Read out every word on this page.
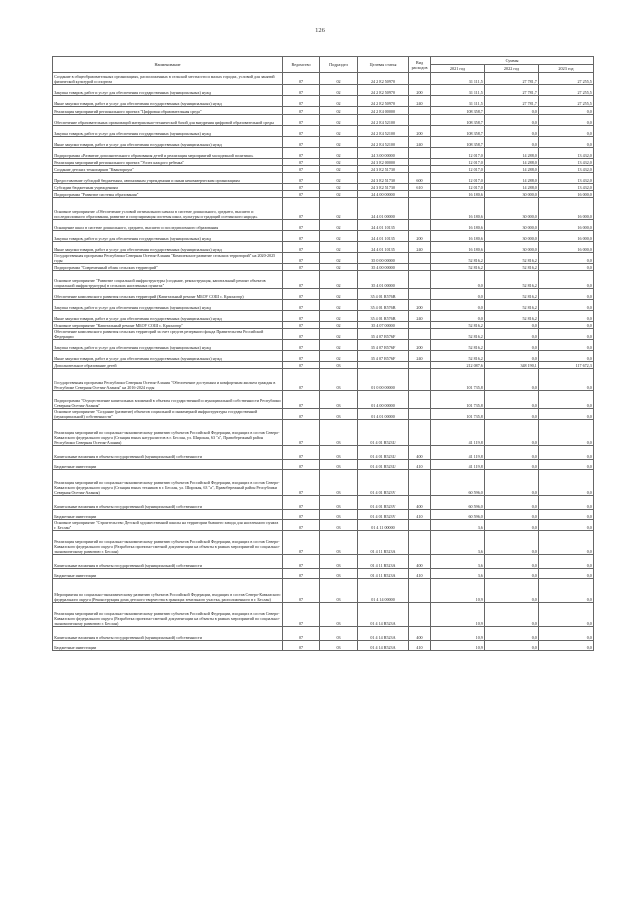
126
Наименование	Ведомство	Подраздел	Целевая статья	Вид расходов	Суммы		
					2021 год	2022 год	2023 год
Создание в общеобразовательных организациях, расположенных в сельской местности и малых городах, условий для занятий физической культурой и спортом	07	02	24 2 E2 50970		31 111,5	27 781,7	27 255,5
Закупка товаров, работ и услуг для обеспечения государственных (муниципальных) нужд	07	02	24 2 E2 50970	200	31 111,5	27 781,7	27 255,5
Иные закупки товаров, работ и услуг для обеспечения государственных (муниципальных) нужд	07	02	24 2 E2 50970	240	31 111,5	27 781,7	27 255,5
Реализация мероприятий регионального проекта "Цифровая образовательная среда"	07	02	24 2 E4 00000		108 358,7	0,0	0,0
Обеспечение образовательных организаций материально-технической базой для внедрения цифровой образовательной среды	07	02	24 2 E4 52100		108 358,7	0,0	0,0
Закупка товаров, работ и услуг для обеспечения государственных (муниципальных) нужд	07	02	24 2 E4 52100	200	108 358,7	0,0	0,0
Иные закупки товаров, работ и услуг для обеспечения государственных (муниципальных) нужд	07	02	24 2 E4 52100	240	108 358,7	0,0	0,0
Подпрограмма «Развитие дополнительного образования детей и реализация мероприятий молодежной политики»	07	02	24 3 00 00000		12 017,0	14 288,0	13 432,0
Реализация мероприятий регионального проекта "Успех каждого ребенка"	07	02	24 3 E2 00000		12 017,0	14 288,0	13 432,0
Создание детских технопарков "Кванториум"	07	02	24 3 E2 51730		12 017,0	14 288,0	13 432,0
Предоставление субсидий бюджетным, автономным учреждениям и иным некоммерческим организациям	07	02	24 3 E2 51730	600	12 017,0	14 288,0	13 432,0
Субсидии бюджетным учреждениям	07	02	24 3 E2 51730	610	12 017,0	14 288,0	13 432,0
Подпрограмма "Развитие системы образования"	07	02	24 4 00 00000		16 180,6	30 000,0	16 000,0
Основное мероприятие «Обеспечение условий оптимального начала в системе дошкольного, среднего, высшего и последипломного образования, развитие и популяризация системы школ, культуры и традиций осетинского народа»	07	02	24 4 01 00000		16 180,6	30 000,0	16 000,0
Оснащение школ в системе дошкольного, среднего, высшего и последипломного образования	07	02	24 4 01 10135		16 180,6	30 000,0	16 000,0
Закупка товаров, работ и услуг для обеспечения государственных (муниципальных) нужд	07	02	24 4 01 10135	200	16 180,6	30 000,0	16 000,0
Иные закупки товаров, работ и услуг для обеспечения государственных (муниципальных) нужд	07	02	24 4 01 10135	240	16 180,6	30 000,0	16 000,0
Государственная программа Республики Северная Осетия-Алания "Комплексное развитие сельских территорий" на 2020-2025 годы	07	02	35 0 00 00000		52 816,2	52 816,2	0,0
Подпрограмма "Современный облик сельских территорий"	07	02	35 4 00 00000		52 816,2	52 816,2	0,0
Основное мероприятие "Развитие социальной инфраструктуры (создание, реконструкция, капитальный ремонт объектов социальной инфраструктуры) в сельских населенных пунктах"	07	02	35 4 01 00000		0,0	52 816,2	0,0
Обеспечение комплексного развития сельских территорий (Капитальный ремонт МБОУ СОШ с. Красногор)	07	02	35 4 01 R576B		0,0	52 816,2	0,0
Закупка товаров, работ и услуг для обеспечения государственных (муниципальных) нужд	07	02	35 4 01 R576B	200	0,0	52 816,2	0,0
Иные закупки товаров, работ и услуг для обеспечения государственных (муниципальных) нужд	07	02	35 4 01 R576B	240	0,0	52 816,2	0,0
Основное мероприятие "Капитальный ремонт МБОУ СОШ с. Красногор"	07	02	35 4 07 00000		52 816,2	0,0	0,0
Обеспечение комплексного развития сельских территорий за счет средств резервного фонда Правительства Российской Федерации	07	02	35 4 07 R576F		52 816,2	0,0	0,0
Закупка товаров, работ и услуг для обеспечения государственных (муниципальных) нужд	07	02	35 4 07 R576F	200	52 816,2	0,0	0,0
Иные закупки товаров, работ и услуг для обеспечения государственных (муниципальных) нужд	07	02	35 4 07 R576F	240	52 816,2	0,0	0,0
Дополнительное образование детей	07	03			212 087,6	348 190,1	117 672,3
Государственная программа Республики Северная Осетия-Алания "Обеспечение доступным и комфортным жильем граждан в Республике Северная Осетия-Алания" на 2016-2024 годы	07	03	01 0 00 00000		101 735,8	0,0	0,0
Подпрограмма "Осуществление капитальных вложений в объекты государственной и муниципальной собственности Республики Северная Осетия-Алания"	07	03	01 4 00 00000		101 735,8	0,0	0,0
Основное мероприятие "Создание (развитие) объектов социальной и инженерной инфраструктуры государственной (муниципальной) собственности"	07	03	01 4 01 00000		101 735,8	0,0	0,0
Реализация мероприятий по социально-экономическому развитию субъектов Российской Федерации, входящих в состав Северо-Кавказского федерального округа (Станция юных натуралистов в г. Беслан, ул. Широкая, 63 "а", Правобережный район Республики Северная Осетия-Алания)	07	03	01 4 01 R523U		41 119,8	0,0	0,0
Капитальные вложения в объекты государственной (муниципальной) собственности	07	03	01 4 01 R523U	400	41 119,8	0,0	0,0
Бюджетные инвестиции	07	03	01 4 01 R523U	410	41 119,8	0,0	0,0
Реализация мероприятий по социально-экономическому развитию субъектов Российской Федерации, входящих в состав Северо-Кавказского федерального округа (Станция юных техников в г. Беслан, ул. Широкая, 63 "а", Правобережный район Республики Северная Осетия-Алания)	07	03	01 4 01 R523V		60 596,0	0,0	0,0
Капитальные вложения в объекты государственной (муниципальной) собственности	07	03	01 4 01 R523V	400	60 596,0	0,0	0,0
Бюджетные инвестиции	07	03	01 4 01 R523V	410	60 596,0	0,0	0,0
Основное мероприятие "Строительство Детской художественной школы на территории бывшего завода для населенного пункта г. Беслан"	07	03	01 4 11 00000		3,6	0,0	0,0
Реализация мероприятий по социально-экономическому развитию субъектов Российской Федерации, входящих в состав Северо-Кавказского федерального округа (Разработка проектно-сметной документации на объекты в рамках мероприятий по социально-экономическому развитию г. Беслан)	07	03	01 4 11 R523A		3,6	0,0	0,0
Капитальные вложения в объекты государственной (муниципальной) собственности	07	03	01 4 11 R523A	400	3,6	0,0	0,0
Бюджетные инвестиции	07	03	01 4 11 R523A	410	3,6	0,0	0,0
Мероприятия по социально-экономическому развитию субъектов Российской Федерации, входящих в состав Северо-Кавказского федерального округа (Реконструкция дома детского творчества в границах земельного участка, расположенного в г. Беслан)	07	03	01 4 14 00000		10,9	0,0	0,0
Реализация мероприятий по социально-экономическому развитию субъектов Российской Федерации, входящих в состав Северо-Кавказского федерального округа (Разработка проектно-сметной документации на объекты в рамках мероприятий по социально-экономическому развитию г. Беслан)	07	03	01 4 14 R523A		10,9	0,0	0,0
Капитальные вложения в объекты государственной (муниципальной) собственности	07	03	01 4 14 R523A	400	10,9	0,0	0,0
Бюджетные инвестиции	07	03	01 4 14 R523A	410	10,9	0,0	0,0
